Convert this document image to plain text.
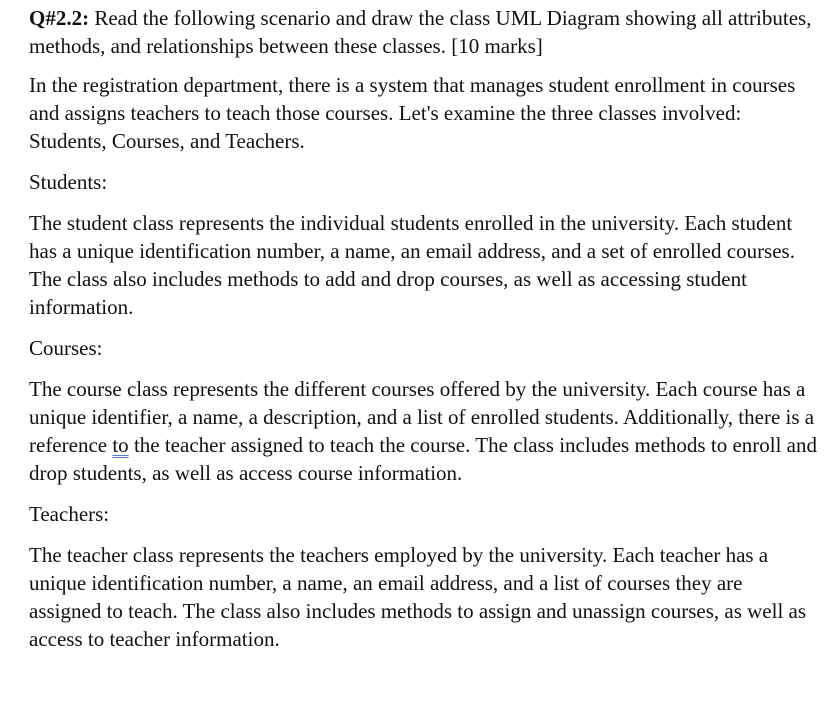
Q#2.2: Read the following scenario and draw the class UML Diagram showing all attributes, methods, and relationships between these classes. [10 marks]

In the registration department, there is a system that manages student enrollment in courses and assigns teachers to teach those courses. Let's examine the three classes involved: Students, Courses, and Teachers.

Students:

The student class represents the individual students enrolled in the university. Each student has a unique identification number, a name, an email address, and a set of enrolled courses. The class also includes methods to add and drop courses, as well as accessing student information.

Courses:

The course class represents the different courses offered by the university. Each course has a unique identifier, a name, a description, and a list of enrolled students. Additionally, there is a reference to the teacher assigned to teach the course. The class includes methods to enroll and drop students, as well as access course information.

Teachers:

The teacher class represents the teachers employed by the university. Each teacher has a unique identification number, a name, an email address, and a list of courses they are assigned to teach. The class also includes methods to assign and unassign courses, as well as access to teacher information.
